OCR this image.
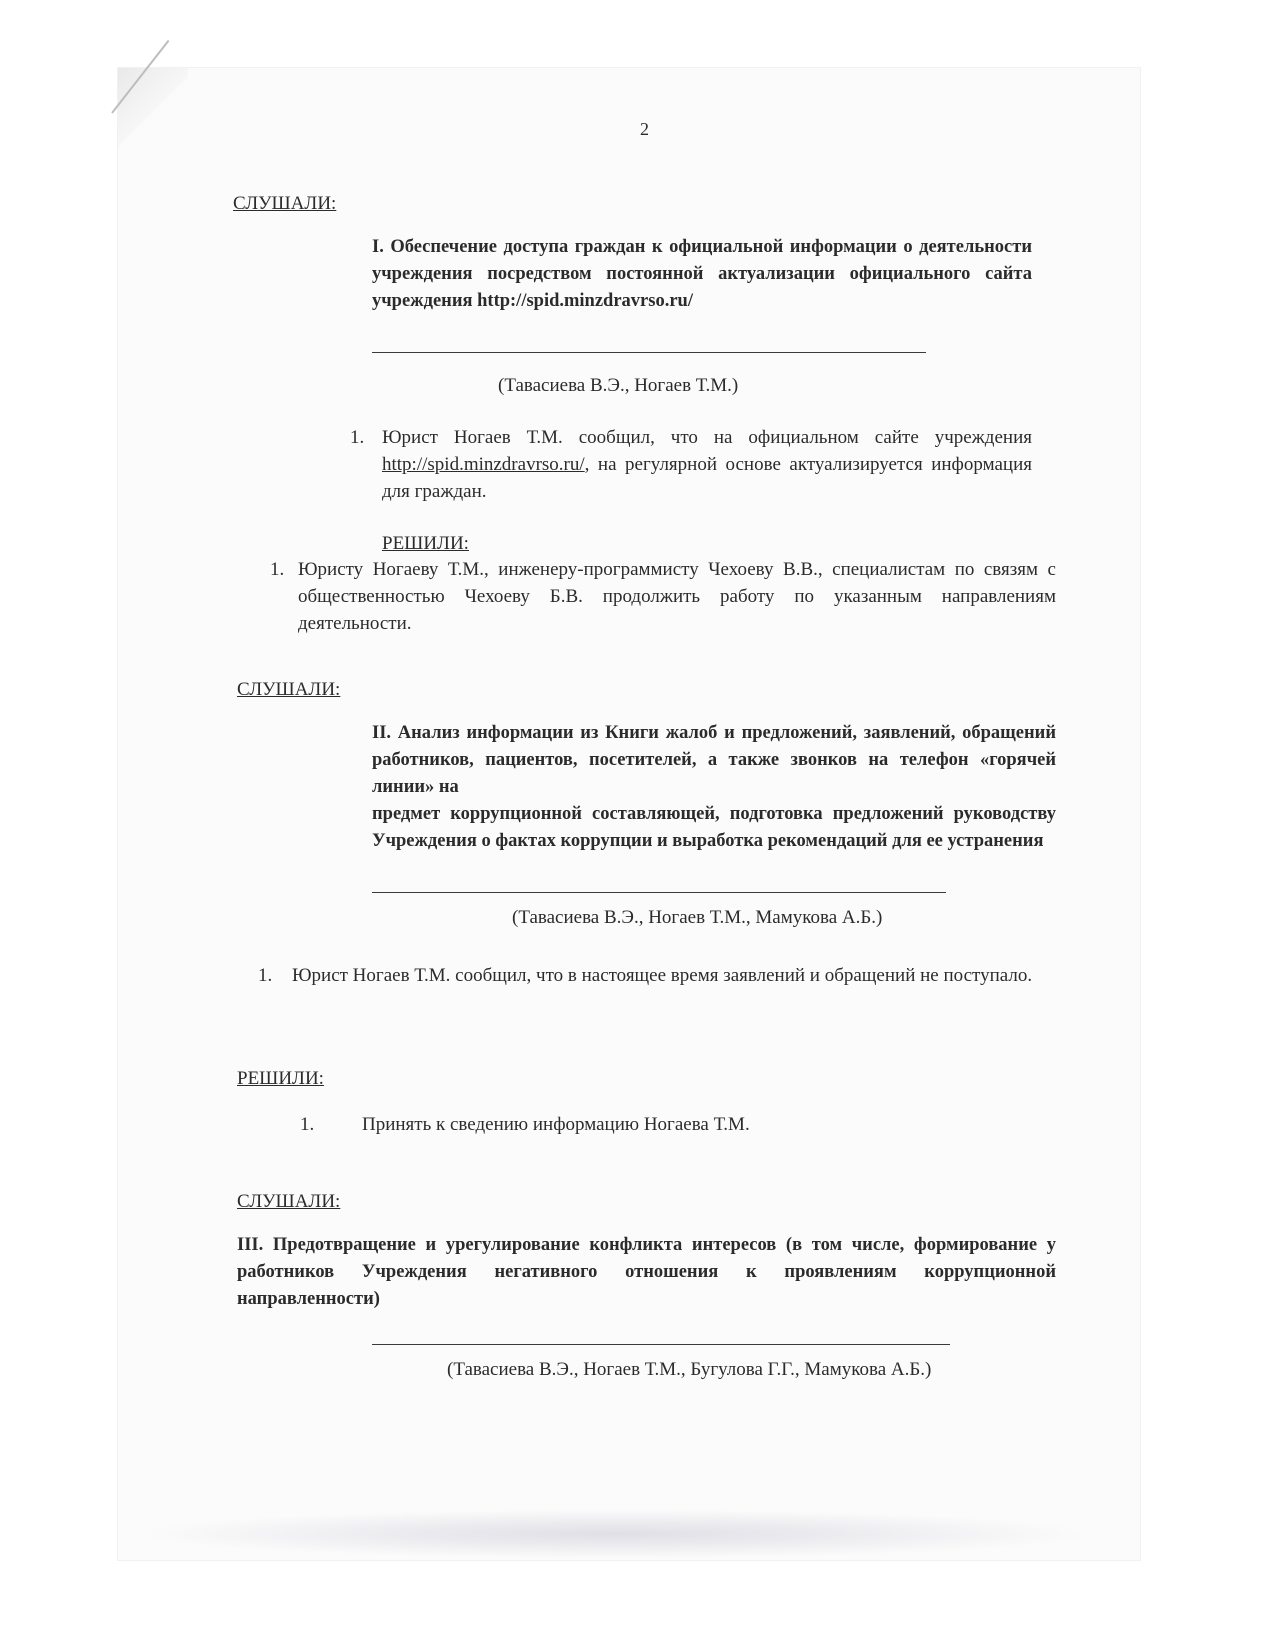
2
СЛУШАЛИ:
I. Обеспечение доступа граждан к официальной информации о деятельности учреждения посредством постоянной актуализации официального сайта учреждения http://spid.minzdravrso.ru/
(Тавасиева В.Э., Ногаев Т.М.)
1. Юрист Ногаев Т.М. сообщил, что на официальном сайте учреждения http://spid.minzdravrso.ru/, на регулярной основе актуализируется информация для граждан.
РЕШИЛИ:
1. Юристу Ногаеву Т.М., инженеру-программисту Чехоеву В.В., специалистам по связям с общественностью Чехоеву Б.В. продолжить работу по указанным направлениям деятельности.
СЛУШАЛИ:
II. Анализ информации из Книги жалоб и предложений, заявлений, обращений работников, пациентов, посетителей, а также звонков на телефон «горячей линии» на
предмет коррупционной составляющей, подготовка предложений руководству Учреждения о фактах коррупции и выработка рекомендаций для ее устранения
(Тавасиева В.Э., Ногаев Т.М., Мамукова А.Б.)
1. Юрист Ногаев Т.М. сообщил, что в настоящее время заявлений и обращений не поступало.
РЕШИЛИ:
1.	Принять к сведению информацию Ногаева Т.М.
СЛУШАЛИ:
III. Предотвращение и урегулирование конфликта интересов (в том числе, формирование у работников Учреждения негативного отношения к проявлениям коррупционной направленности)
(Тавасиева В.Э., Ногаев Т.М., Бугулова Г.Г., Мамукова А.Б.)
